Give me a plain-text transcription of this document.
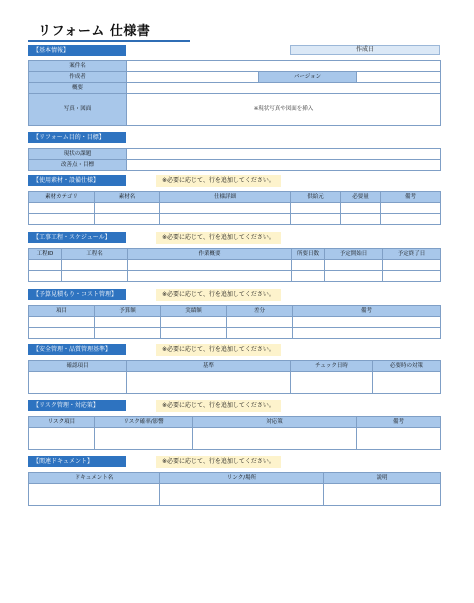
リフォーム 仕様書
【基本情報】	作成日
案件名			
作成者		バージョン	
概要			
写真・図面	※現状写真や図面を挿入		
【リフォーム目的・目標】
現状の課題	
改善点・目標	
【使用素材・設備仕様】	※必要に応じて、行を追加してください。
素材カテゴリ	素材名	仕様詳細	供給元	必要量	備考

【工事工程・スケジュール】	※必要に応じて、行を追加してください。
工程ID	工程名	作業概要	所要日数	予定開始日	予定終了日

【予算見積もり・コスト管理】	※必要に応じて、行を追加してください。
項目	予算額	実績額	差分	備考

【安全管理・品質管理基準】	※必要に応じて、行を追加してください。
確認項目	基準	チェック日時	必要時の対策

【リスク管理・対応策】	※必要に応じて、行を追加してください。
リスク項目	リスク確率/影響	対応策	備考

【関連ドキュメント】	※必要に応じて、行を追加してください。
ドキュメント名	リンク/場所	説明
